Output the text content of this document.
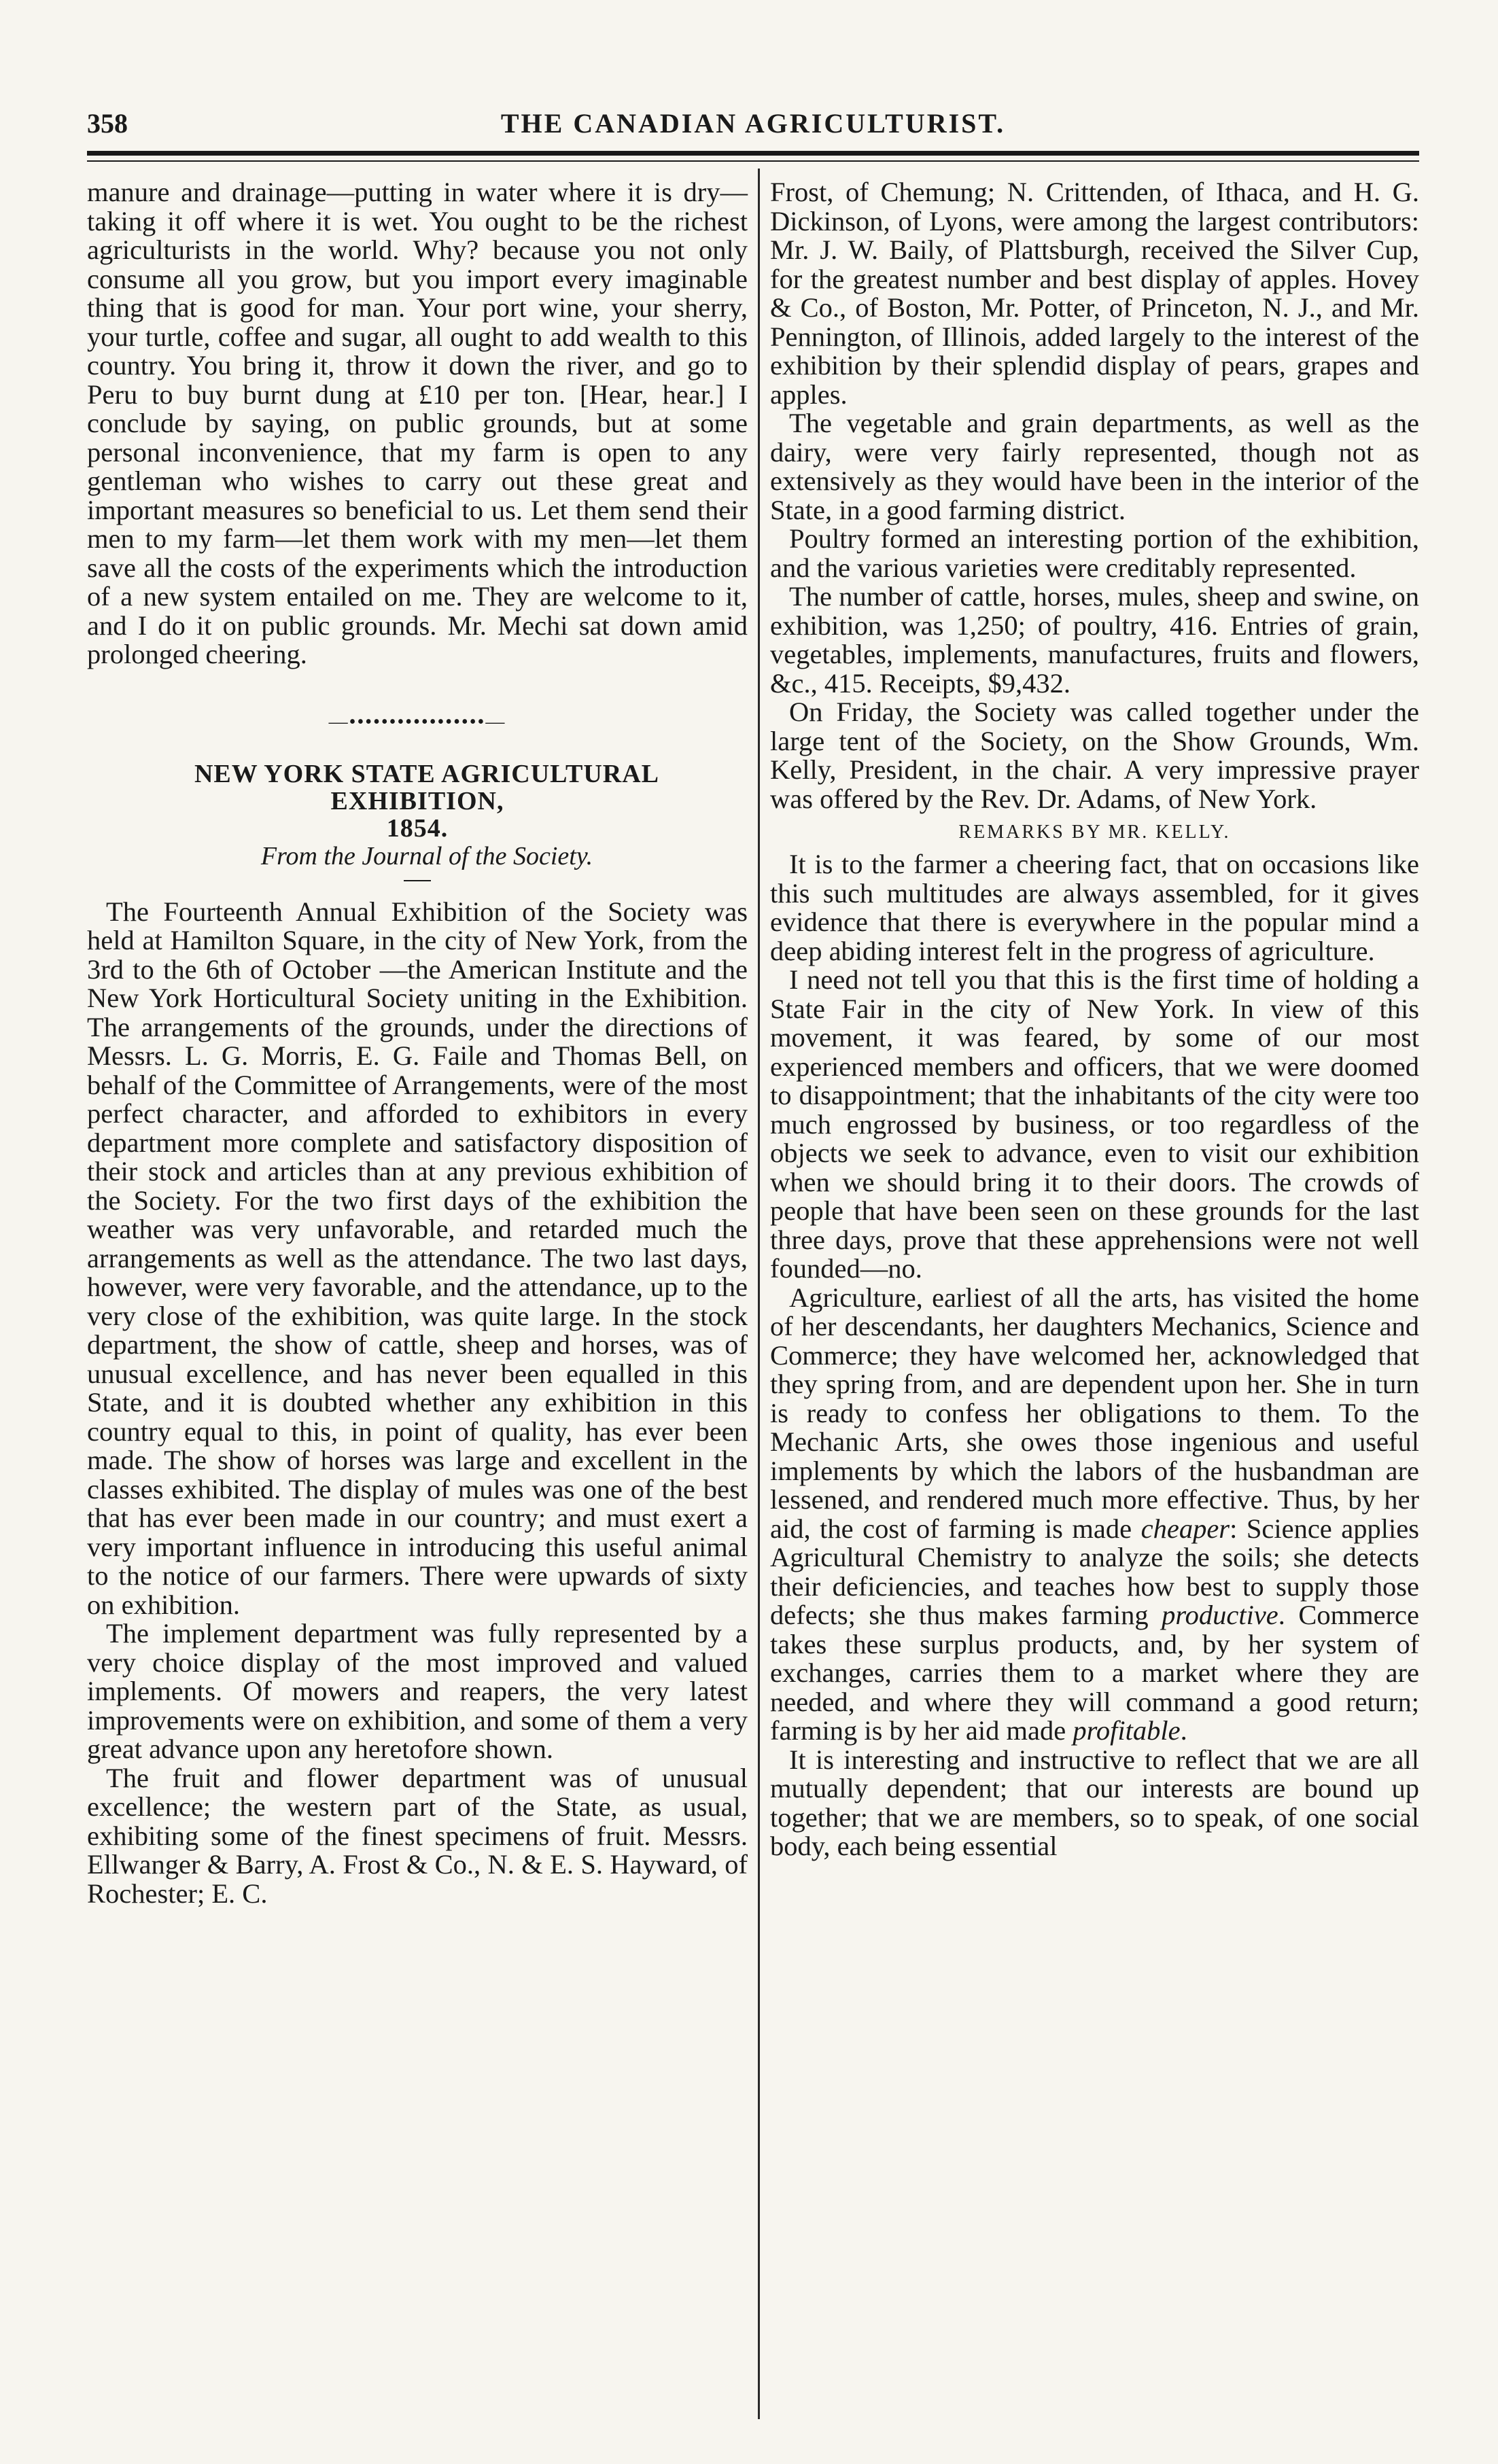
358	THE CANADIAN AGRICULTURIST.

manure and drainage—putting in water where it is dry—taking it off where it is wet. You ought to be the richest agriculturists in the world. Why? because you not only consume all you grow, but you import every imaginable thing that is good for man. Your port wine, your sherry, your turtle, coffee and sugar, all ought to add wealth to this country. You bring it, throw it down the river, and go to Peru to buy burnt dung at £10 per ton. [Hear, hear.] I conclude by saying, on public grounds, but at some personal inconvenience, that my farm is open to any gentleman who wishes to carry out these great and important measures so beneficial to us. Let them send their men to my farm—let them work with my men—let them save all the costs of the experiments which the introduction of a new system entailed on me. They are welcome to it, and I do it on public grounds. Mr. Mechi sat down amid prolonged cheering.

—•••••••••••••••••—

NEW YORK STATE AGRICULTURAL EXHIBITION,
1854.

From the Journal of the Society.

The Fourteenth Annual Exhibition of the Society was held at Hamilton Square, in the city of New York, from the 3rd to the 6th of October —the American Institute and the New York Horticultural Society uniting in the Exhibition. The arrangements of the grounds, under the directions of Messrs. L. G. Morris, E. G. Faile and Thomas Bell, on behalf of the Committee of Arrangements, were of the most perfect character, and afforded to exhibitors in every department more complete and satisfactory disposition of their stock and articles than at any previous exhibition of the Society. For the two first days of the exhibition the weather was very unfavorable, and retarded much the arrangements as well as the attendance. The two last days, however, were very favorable, and the attendance, up to the very close of the exhibition, was quite large. In the stock department, the show of cattle, sheep and horses, was of unusual excellence, and has never been equalled in this State, and it is doubted whether any exhibition in this country equal to this, in point of quality, has ever been made. The show of horses was large and excellent in the classes exhibited. The display of mules was one of the best that has ever been made in our country; and must exert a very important influence in introducing this useful animal to the notice of our farmers. There were upwards of sixty on exhibition.

The implement department was fully represented by a very choice display of the most improved and valued implements. Of mowers and reapers, the very latest improvements were on exhibition, and some of them a very great advance upon any heretofore shown.

The fruit and flower department was of unusual excellence; the western part of the State, as usual, exhibiting some of the finest specimens of fruit. Messrs. Ellwanger & Barry, A. Frost & Co., N. & E. S. Hayward, of Rochester; E. C.

Frost, of Chemung; N. Crittenden, of Ithaca, and H. G. Dickinson, of Lyons, were among the largest contributors: Mr. J. W. Baily, of Plattsburgh, received the Silver Cup, for the greatest number and best display of apples. Hovey & Co., of Boston, Mr. Potter, of Princeton, N. J., and Mr. Pennington, of Illinois, added largely to the interest of the exhibition by their splendid display of pears, grapes and apples.

The vegetable and grain departments, as well as the dairy, were very fairly represented, though not as extensively as they would have been in the interior of the State, in a good farming district.

Poultry formed an interesting portion of the exhibition, and the various varieties were creditably represented.

The number of cattle, horses, mules, sheep and swine, on exhibition, was 1,250; of poultry, 416. Entries of grain, vegetables, implements, manufactures, fruits and flowers, &c., 415. Receipts, $9,432.

On Friday, the Society was called together under the large tent of the Society, on the Show Grounds, Wm. Kelly, President, in the chair. A very impressive prayer was offered by the Rev. Dr. Adams, of New York.

REMARKS BY MR. KELLY.

It is to the farmer a cheering fact, that on occasions like this such multitudes are always assembled, for it gives evidence that there is everywhere in the popular mind a deep abiding interest felt in the progress of agriculture.

I need not tell you that this is the first time of holding a State Fair in the city of New York. In view of this movement, it was feared, by some of our most experienced members and officers, that we were doomed to disappointment; that the inhabitants of the city were too much engrossed by business, or too regardless of the objects we seek to advance, even to visit our exhibition when we should bring it to their doors. The crowds of people that have been seen on these grounds for the last three days, prove that these apprehensions were not well founded—no.

Agriculture, earliest of all the arts, has visited the home of her descendants, her daughters Mechanics, Science and Commerce; they have welcomed her, acknowledged that they spring from, and are dependent upon her. She in turn is ready to confess her obligations to them. To the Mechanic Arts, she owes those ingenious and useful implements by which the labors of the husbandman are lessened, and rendered much more effective. Thus, by her aid, the cost of farming is made cheaper: Science applies Agricultural Chemistry to analyze the soils; she detects their deficiencies, and teaches how best to supply those defects; she thus makes farming productive. Commerce takes these surplus products, and, by her system of exchanges, carries them to a market where they are needed, and where they will command a good return; farming is by her aid made profitable.

It is interesting and instructive to reflect that we are all mutually dependent; that our interests are bound up together; that we are members, so to speak, of one social body, each being essential
